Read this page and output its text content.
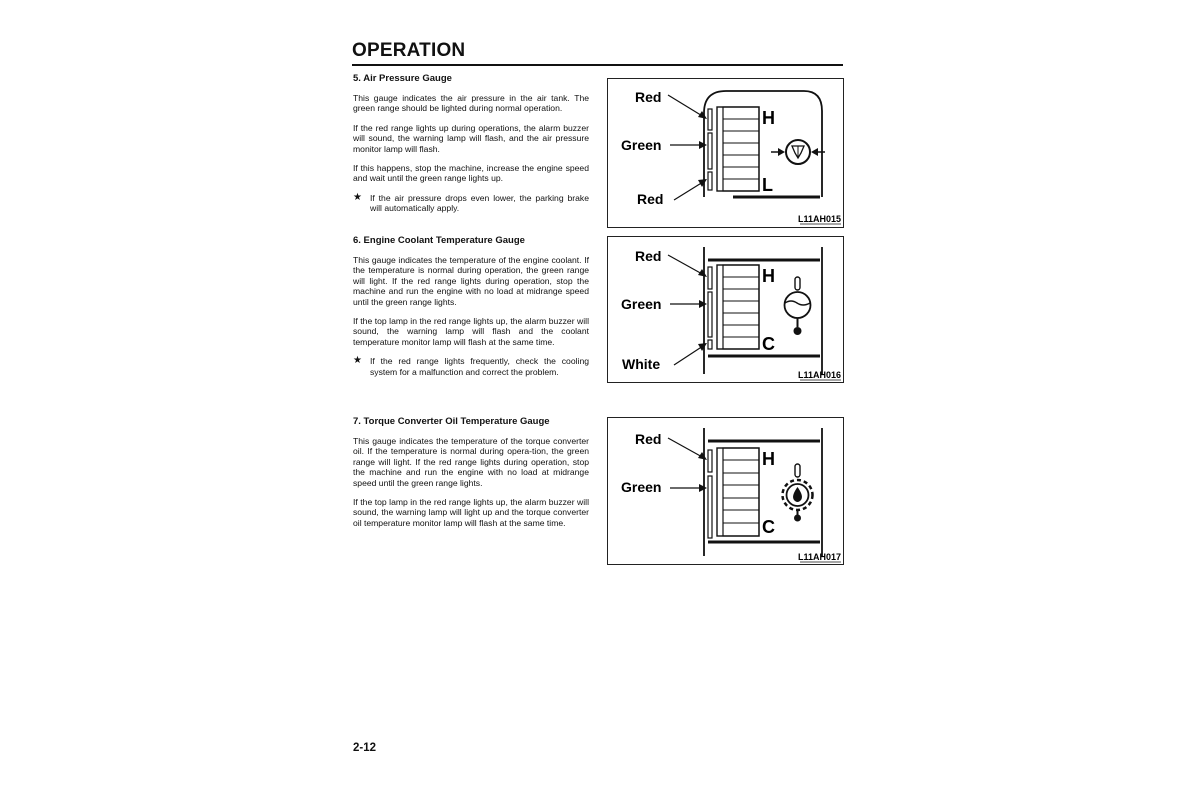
OPERATION
5. Air Pressure Gauge

This gauge indicates the air pressure in the air tank. The green range should be lighted during normal operation.

If the red range lights up during operations, the alarm buzzer will sound, the warning lamp will flash, and the air pressure monitor lamp will flash.

If this happens, stop the machine, increase the engine speed and wait until the green range lights up.

★ If the air pressure drops even lower, the parking brake will automatically apply.
6. Engine Coolant Temperature Gauge

This gauge indicates the temperature of the engine coolant. If the temperature is normal during operation, the green range will light. If the red range lights during operation, stop the machine and run the engine with no load at midrange speed until the green range lights.

If the top lamp in the red range lights up, the alarm buzzer will sound, the warning lamp will flash and the coolant temperature monitor lamp will flash at the same time.

★ If the red range lights frequently, check the cooling system for a malfunction and correct the problem.
7. Torque Converter Oil Temperature Gauge

This gauge indicates the temperature of the torque converter oil. If the temperature is normal during opera-tion, the green range will light. If the red range lights during operation, stop the machine and run the engine with no load at midrange speed until the green range lights.

If the top lamp in the red range lights up, the alarm buzzer will sound, the warning lamp will light up and the torque converter oil temperature monitor lamp will flash at the same time.

Red
Green
Red
H
L
L11AH015
Red
Green
White
H
C
L11AH016
Red
Green
H
C
L11AH017
2-12
